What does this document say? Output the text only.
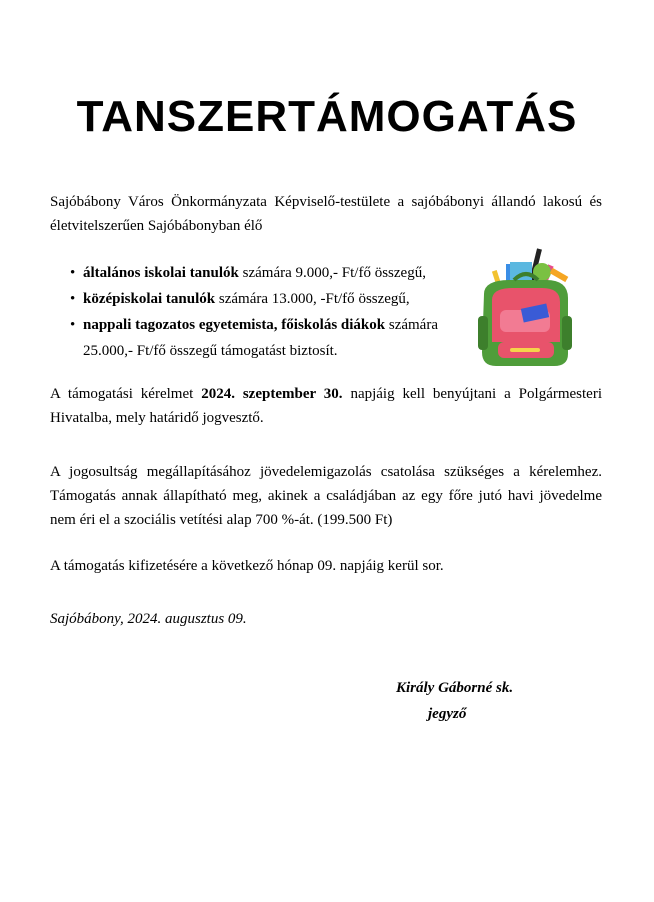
TANSZERTÁMOGATÁS

Sajóbábony Város Önkormányzata Képviselő-testülete a sajóbábonyi állandó lakosú és életvitelszerűen Sajóbábonyban élő

• általános iskolai tanulók számára 9.000,- Ft/fő összegű,
• középiskolai tanulók számára 13.000, -Ft/fő összegű,
• nappali tagozatos egyetemista, főiskolás diákok számára 25.000,- Ft/fő összegű támogatást biztosít.

A támogatási kérelmet 2024. szeptember 30. napjáig kell benyújtani a Polgármesteri Hivatalba, mely határidő jogvesztő.

A jogosultság megállapításához jövedelemigazolás csatolása szükséges a kérelemhez. Támogatás annak állapítható meg, akinek a családjában az egy főre jutó havi jövedelme nem éri el a szociális vetítési alap 700 %-át. (199.500 Ft)

A támogatás kifizetésére a következő hónap 09. napjáig kerül sor.

Sajóbábony, 2024. augusztus 09.
Király Gáborné sk.
jegyző
